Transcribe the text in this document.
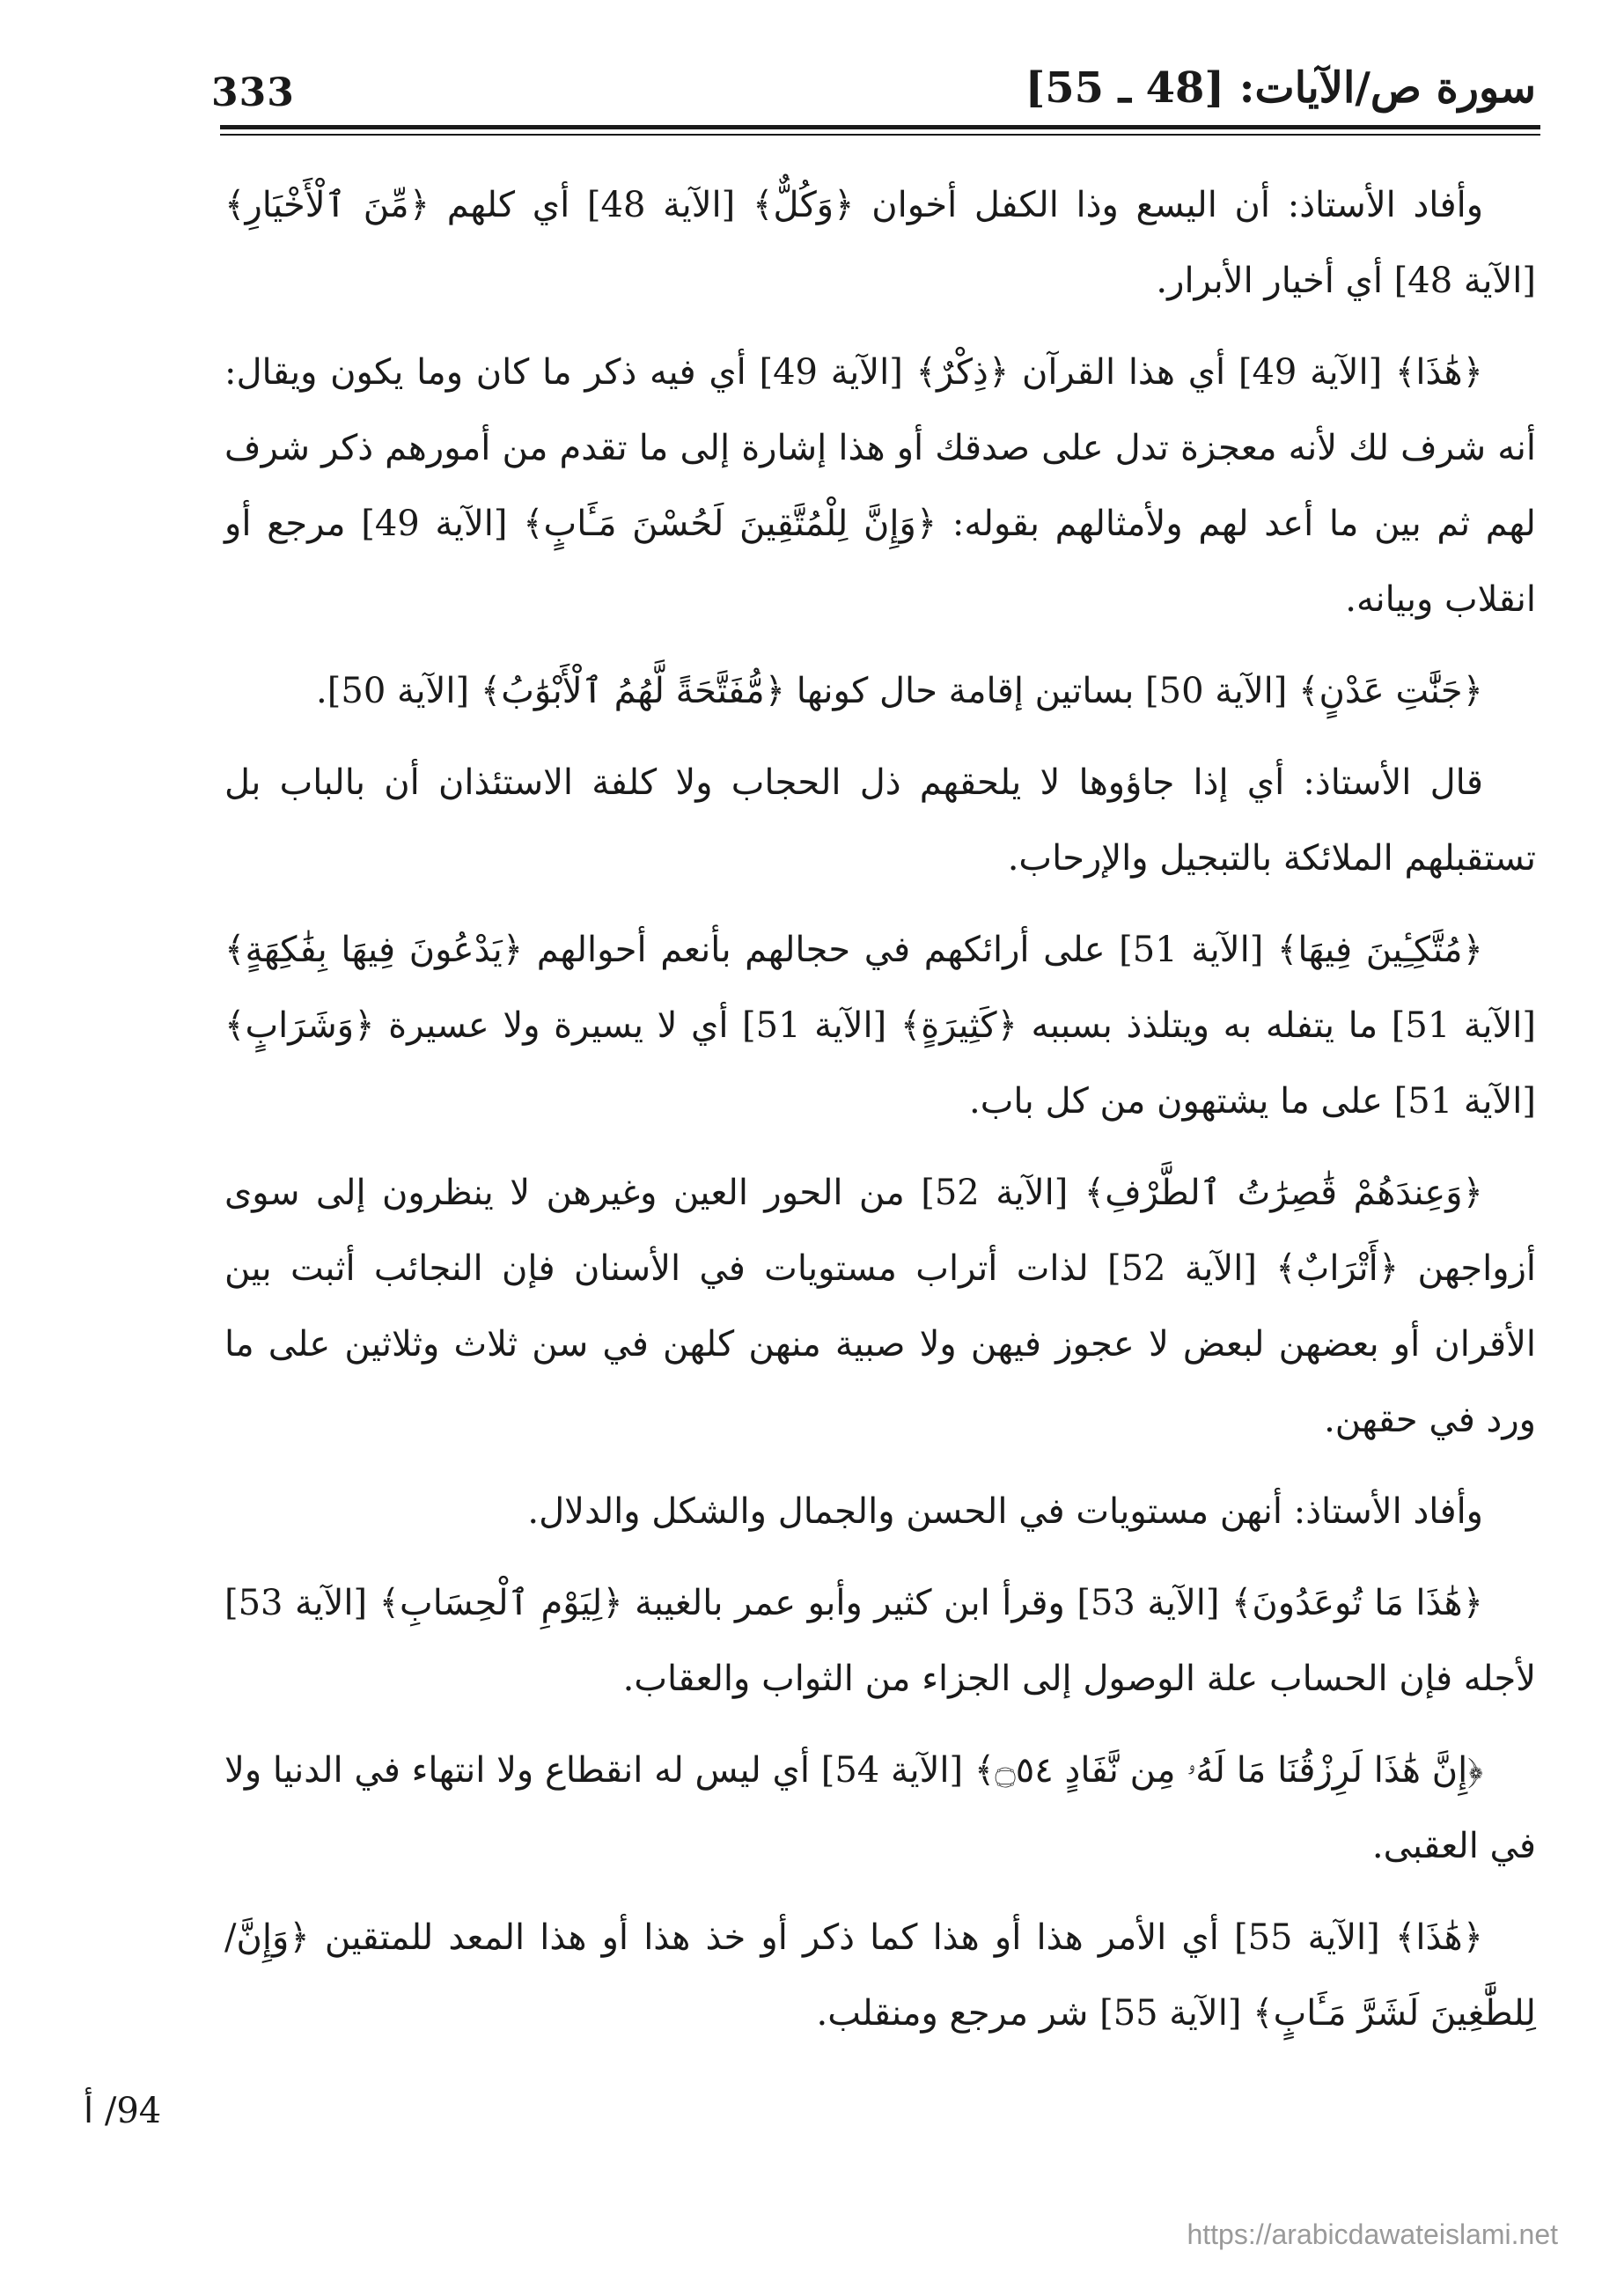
333	سورة ص/الآيات: [48 ـ 55]

وأفاد الأستاذ: أن اليسع وذا الكفل أخوان ﴿وَكُلٌّ﴾ [الآية 48] أي كلهم ﴿مِّنَ ٱلْأَخْيَارِ﴾ [الآية 48] أي أخيار الأبرار.

﴿هَٰذَا﴾ [الآية 49] أي هذا القرآن ﴿ذِكْرٌ﴾ [الآية 49] أي فيه ذكر ما كان وما يكون ويقال: أنه شرف لك لأنه معجزة تدل على صدقك أو هذا إشارة إلى ما تقدم من أمورهم ذكر شرف لهم ثم بين ما أعد لهم ولأمثالهم بقوله: ﴿وَإِنَّ لِلْمُتَّقِينَ لَحُسْنَ مَـَٔابٍ﴾ [الآية 49] مرجع أو انقلاب وبيانه.

﴿جَنَّٰتِ عَدْنٍ﴾ [الآية 50] بساتين إقامة حال كونها ﴿مُّفَتَّحَةً لَّهُمُ ٱلْأَبْوَٰبُ﴾ [الآية 50].

قال الأستاذ: أي إذا جاؤوها لا يلحقهم ذل الحجاب ولا كلفة الاستئذان أن بالباب بل تستقبلهم الملائكة بالتبجيل والإرحاب.

﴿مُتَّكِـِٔينَ فِيهَا﴾ [الآية 51] على أرائكهم في حجالهم بأنعم أحوالهم ﴿يَدْعُونَ فِيهَا بِفَٰكِهَةٍ﴾ [الآية 51] ما يتفله به ويتلذذ بسببه ﴿كَثِيرَةٍ﴾ [الآية 51] أي لا يسيرة ولا عسيرة ﴿وَشَرَابٍ﴾ [الآية 51] على ما يشتهون من كل باب.

﴿وَعِندَهُمْ قَٰصِرَٰتُ ٱلطَّرْفِ﴾ [الآية 52] من الحور العين وغيرهن لا ينظرون إلى سوى أزواجهن ﴿أَتْرَابٌ﴾ [الآية 52] لذات أتراب مستويات في الأسنان فإن النجائب أثبت بين الأقران أو بعضهن لبعض لا عجوز فيهن ولا صبية منهن كلهن في سن ثلاث وثلاثين على ما ورد في حقهن.

وأفاد الأستاذ: أنهن مستويات في الحسن والجمال والشكل والدلال.

﴿هَٰذَا مَا تُوعَدُونَ﴾ [الآية 53] وقرأ ابن كثير وأبو عمر بالغيبة ﴿لِيَوْمِ ٱلْحِسَابِ﴾ [الآية 53] لأجله فإن الحساب علة الوصول إلى الجزاء من الثواب والعقاب.

﴿إِنَّ هَٰذَا لَرِزْقُنَا مَا لَهُۥ مِن نَّفَادٍ ۝٥٤﴾ [الآية 54] أي ليس له انقطاع ولا انتهاء في الدنيا ولا في العقبى.

﴿هَٰذَا﴾ [الآية 55] أي الأمر هذا أو هذا كما ذكر أو خذ هذا أو هذا المعد للمتقين ﴿وَإِنَّ/ لِلطَّٰغِينَ لَشَرَّ مَـَٔابٍ﴾ [الآية 55] شر مرجع ومنقلب.

94/ أ
https://arabicdawateislami.net
